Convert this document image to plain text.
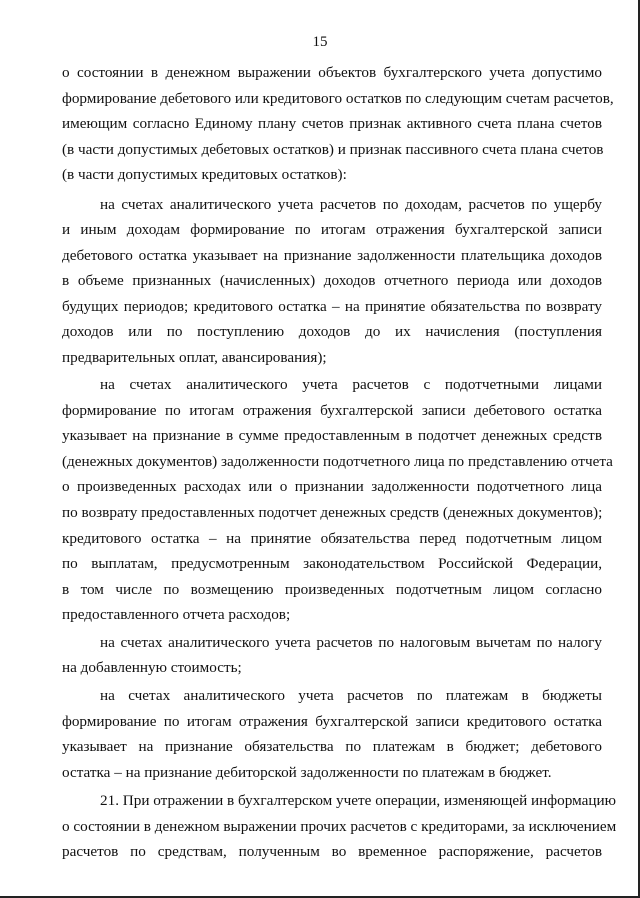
15
о состоянии в денежном выражении объектов бухгалтерского учета допустимо
формирование дебетового или кредитового остатков по следующим счетам расчетов,
имеющим согласно Единому плану счетов признак активного счета плана счетов
(в части допустимых дебетовых остатков) и признак пассивного счета плана счетов
(в части допустимых кредитовых остатков):
на счетах аналитического учета расчетов по доходам, расчетов по ущербу
и иным доходам формирование по итогам отражения бухгалтерской записи
дебетового остатка указывает на признание задолженности плательщика доходов
в объеме признанных (начисленных) доходов отчетного периода или доходов
будущих периодов; кредитового остатка – на принятие обязательства по возврату
доходов или по поступлению доходов до их начисления (поступления
предварительных оплат, авансирования);
на счетах аналитического учета расчетов с подотчетными лицами
формирование по итогам отражения бухгалтерской записи дебетового остатка
указывает на признание в сумме предоставленным в подотчет денежных средств
(денежных документов) задолженности подотчетного лица по представлению отчета
о произведенных расходах или о признании задолженности подотчетного лица
по возврату предоставленных подотчет денежных средств (денежных документов);
кредитового остатка – на принятие обязательства перед подотчетным лицом
по выплатам, предусмотренным законодательством Российской Федерации,
в том числе по возмещению произведенных подотчетным лицом согласно
предоставленного отчета расходов;
на счетах аналитического учета расчетов по налоговым вычетам по налогу
на добавленную стоимость;
на счетах аналитического учета расчетов по платежам в бюджеты
формирование по итогам отражения бухгалтерской записи кредитового остатка
указывает на признание обязательства по платежам в бюджет; дебетового
остатка – на признание дебиторской задолженности по платежам в бюджет.
21. При отражении в бухгалтерском учете операции, изменяющей информацию
о состоянии в денежном выражении прочих расчетов с кредиторами, за исключением
расчетов по средствам, полученным во временное распоряжение, расчетов
